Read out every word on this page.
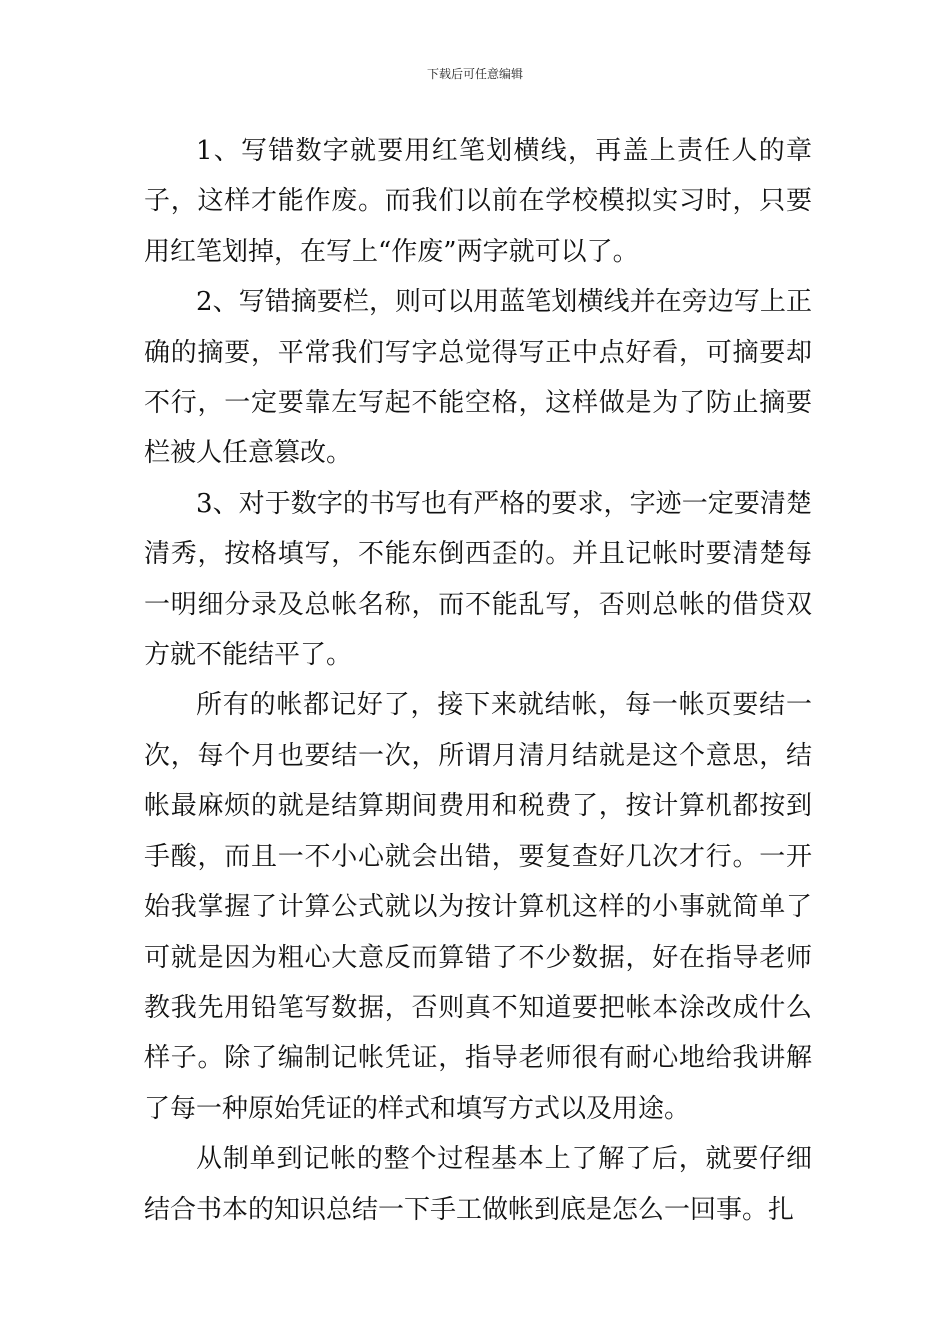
下载后可任意编辑

1、写错数字就要用红笔划横线，再盖上责任人的章子，这样才能作废。而我们以前在学校模拟实习时，只要用红笔划掉，在写上“作废”两字就可以了。

2、写错摘要栏，则可以用蓝笔划横线并在旁边写上正确的摘要，平常我们写字总觉得写正中点好看，可摘要却不行，一定要靠左写起不能空格，这样做是为了防止摘要栏被人任意篡改。

3、对于数字的书写也有严格的要求，字迹一定要清楚清秀，按格填写，不能东倒西歪的。并且记帐时要清楚每一明细分录及总帐名称，而不能乱写，否则总帐的借贷双方就不能结平了。

所有的帐都记好了，接下来就结帐，每一帐页要结一次，每个月也要结一次，所谓月清月结就是这个意思，结帐最麻烦的就是结算期间费用和税费了，按计算机都按到手酸，而且一不小心就会出错，要复查好几次才行。一开始我掌握了计算公式就以为按计算机这样的小事就简单了可就是因为粗心大意反而算错了不少数据，好在指导老师教我先用铅笔写数据，否则真不知道要把帐本涂改成什么样子。除了编制记帐凭证，指导老师很有耐心地给我讲解了每一种原始凭证的样式和填写方式以及用途。

从制单到记帐的整个过程基本上了解了后，就要仔细结合书本的知识总结一下手工做帐到底是怎么一回事。扎
